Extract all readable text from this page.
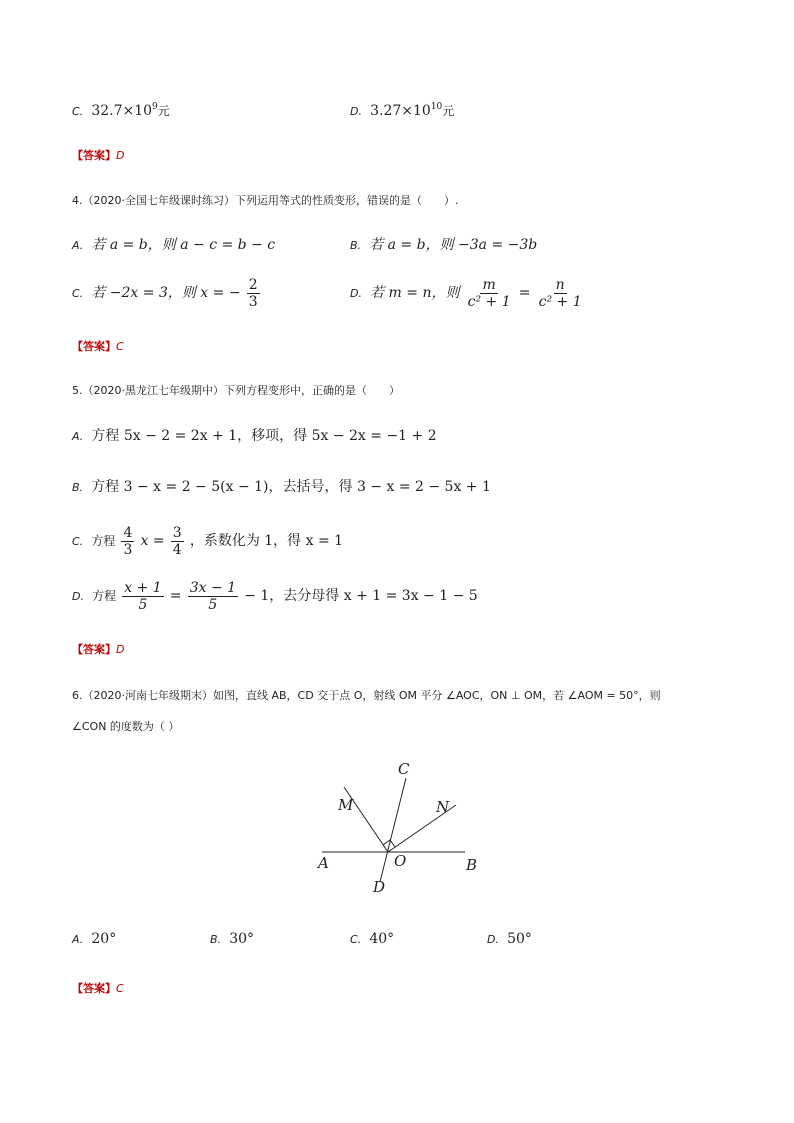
C. $32.7\times 10^9$元	D. $3.27\times 10^{10}$元
【答案】D
4.（2020·全国七年级课时练习）下列运用等式的性质变形，错误的是（　　）.
A. 若 a = b，则 a − c = b − c	B. 若 a = b，则 −3a = −3b
C. 若 −2x = 3，则 x = − $\frac{2}{3}$	D. 若 m = n，则 $\frac{m}{\text{c² + 1}} = \frac{n}{\text{c² + 1}}$
【答案】C
5.（2020·黑龙江七年级期中）下列方程变形中，正确的是（　　）
A. 方程 5x − 2 = 2x + 1，移项，得 5x − 2x = −1 + 2
B. 方程 3 − x = 2 − 5(x − 1)，去括号，得 3 − x = 2 − 5x + 1
C. 方程 $\frac{4}{3}$ $x = \frac{3}{4}$ ，系数化为 1，得 x = 1
D. 方程 $\frac{x + 1}{5} = \frac{3x - 1}{5} - 1$，去分母得 x + 1 = 3x − 1 − 5
【答案】D
6.（2020·河南七年级期末）如图，直线 AB，CD 交于点 O，射线 OM 平分 ∠AOC，ON ⊥ OM，若 ∠AOM = 50°，则
∠CON 的度数为（ ）
C
M	N
A	O	B
D
A. 20°	B. 30°	C. 40°	D. 50°
【答案】C
